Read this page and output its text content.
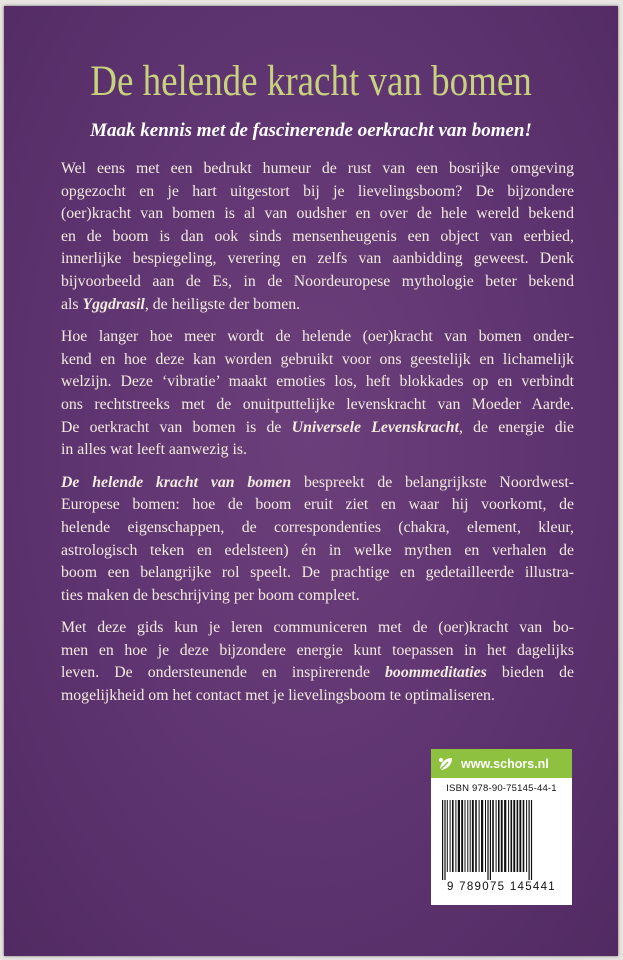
De helende kracht van bomen
Maak kennis met de fascinerende oerkracht van bomen!

Wel eens met een bedrukt humeur de rust van een bosrijke omgeving
opgezocht en je hart uitgestort bij je lievelingsboom? De bijzondere
(oer)kracht van bomen is al van oudsher en over de hele wereld bekend
en de boom is dan ook sinds mensenheugenis een object van eerbied,
innerlijke bespiegeling, verering en zelfs van aanbidding geweest. Denk
bijvoorbeeld aan de Es, in de Noordeuropese mythologie beter bekend
als Yggdrasil, de heiligste der bomen.

Hoe langer hoe meer wordt de helende (oer)kracht van bomen onder-
kend en hoe deze kan worden gebruikt voor ons geestelijk en lichamelijk
welzijn. Deze ‘vibratie’ maakt emoties los, heft blokkades op en verbindt
ons rechtstreeks met de onuitputtelijke levenskracht van Moeder Aarde.
De oerkracht van bomen is de Universele Levenskracht, de energie die
in alles wat leeft aanwezig is.

De helende kracht van bomen bespreekt de belangrijkste Noordwest-
Europese bomen: hoe de boom eruit ziet en waar hij voorkomt, de
helende eigenschappen, de correspondenties (chakra, element, kleur,
astrologisch teken en edelsteen) én in welke mythen en verhalen de
boom een belangrijke rol speelt. De prachtige en gedetailleerde illustra-
ties maken de beschrijving per boom compleet.

Met deze gids kun je leren communiceren met de (oer)kracht van bo-
men en hoe je deze bijzondere energie kunt toepassen in het dagelijks
leven. De ondersteunende en inspirerende boommeditaties bieden de
mogelijkheid om het contact met je lievelingsboom te optimaliseren.

www.schors.nl
ISBN 978-90-75145-44-1
9 789075 145441
